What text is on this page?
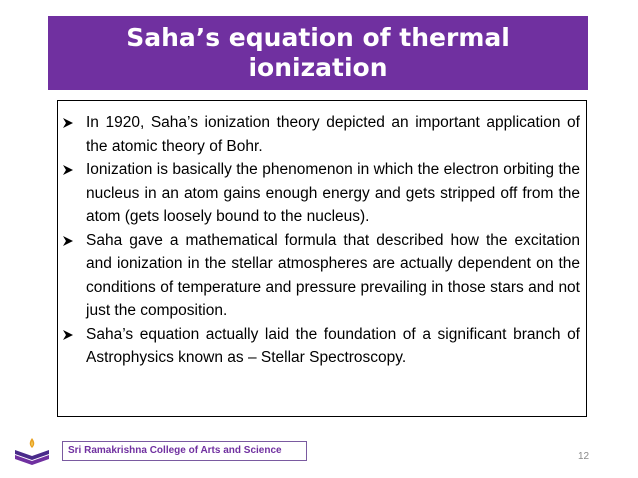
Saha’s equation of thermal ionization
In 1920, Saha’s ionization theory depicted an important application of the atomic theory of Bohr.
Ionization is basically the phenomenon in which the electron orbiting the nucleus in an atom gains enough energy and gets stripped off from the atom (gets loosely bound to the nucleus).
Saha gave a mathematical formula that described how the excitation and ionization in the stellar atmospheres are actually dependent on the conditions of temperature and pressure prevailing in those stars and not just the composition.
Saha’s equation actually laid the foundation of a significant branch of Astrophysics known as – Stellar Spectroscopy.
Sri Ramakrishna College of Arts and Science
12
